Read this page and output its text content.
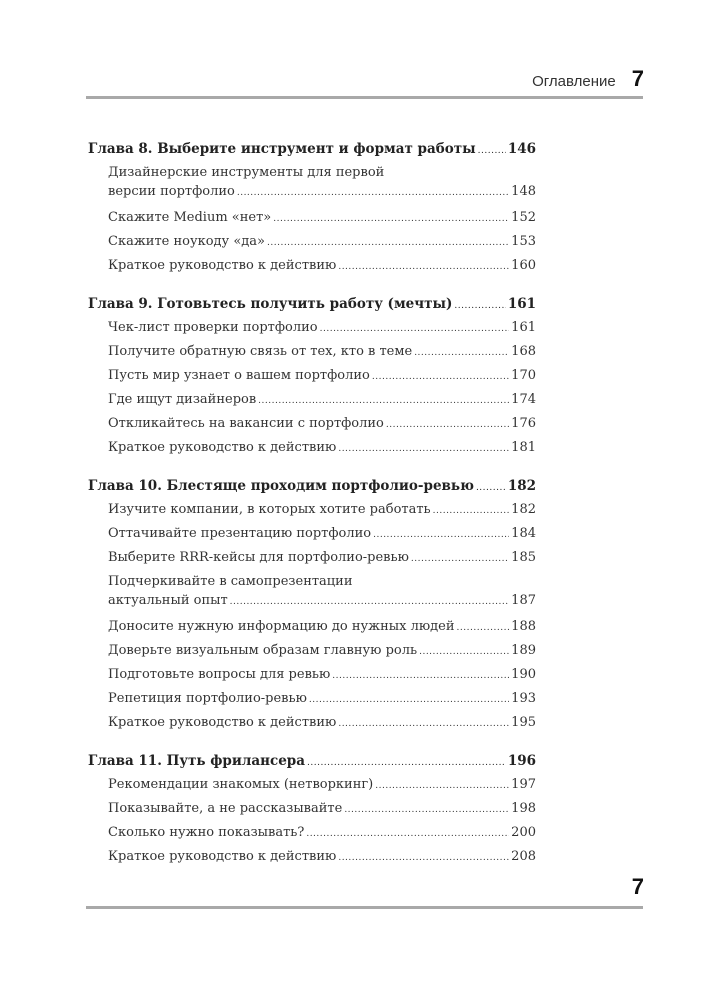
Оглавление 7
Глава 8. Выберите инструмент и формат работы ..... 146
Дизайнерские инструменты для первой
версии портфолио .....	148
Скажите Medium «нет» .....	152
Скажите ноукоду «да» .....	153
Краткое руководство к действию .....	160
Глава 9. Готовьтесь получить работу (мечты) .....	161
Чек-лист проверки портфолио .....	161
Получите обратную связь от тех, кто в теме .....	168
Пусть мир узнает о вашем портфолио .....	170
Где ищут дизайнеров .....	174
Откликайтесь на вакансии с портфолио .....	176
Краткое руководство к действию .....	181
Глава 10. Блестяще проходим портфолио-ревью .....	182
Изучите компании, в которых хотите работать .....	182
Оттачивайте презентацию портфолио .....	184
Выберите RRR-кейсы для портфолио-ревью .....	185
Подчеркивайте в самопрезентации
актуальный опыт .....	187
Доносите нужную информацию до нужных людей .....	188
Доверьте визуальным образам главную роль .....	189
Подготовьте вопросы для ревью .....	190
Репетиция портфолио-ревью .....	193
Краткое руководство к действию .....	195
Глава 11. Путь фрилансера .....	196
Рекомендации знакомых (нетворкинг) .....	197
Показывайте, а не рассказывайте .....	198
Сколько нужно показывать? .....	200
Краткое руководство к действию .....	208
7
